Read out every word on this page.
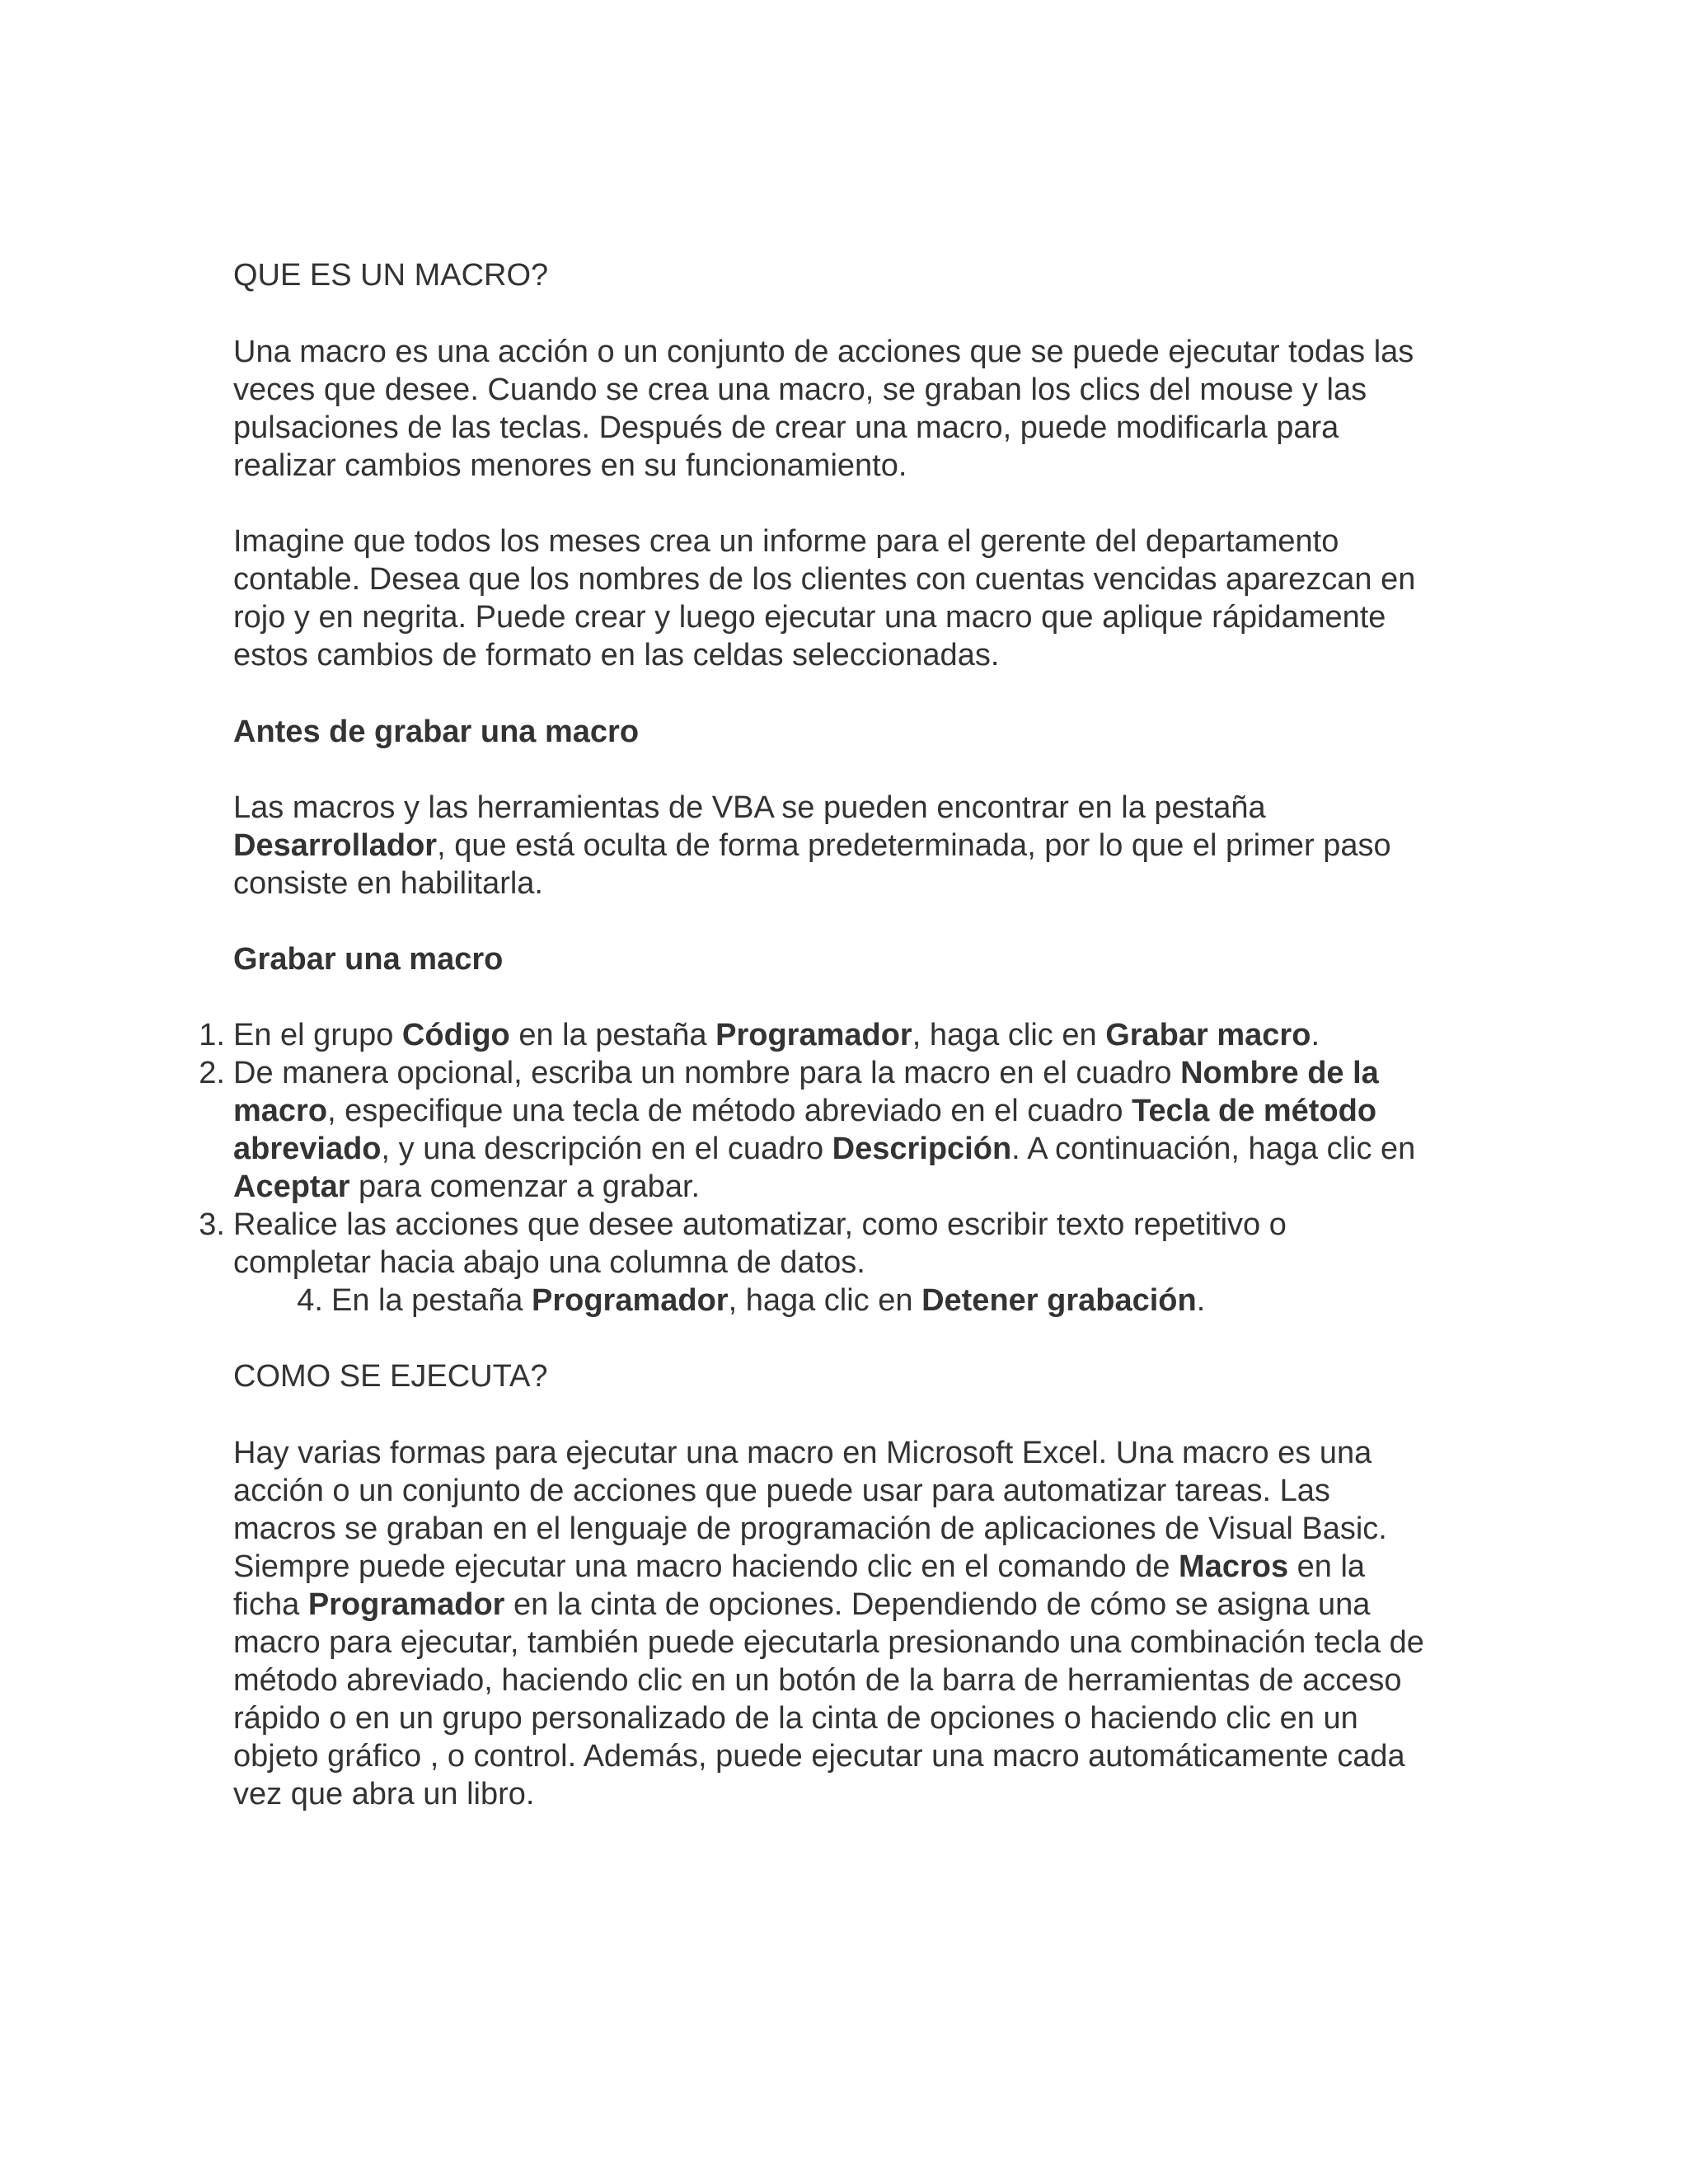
QUE ES UN MACRO?

Una macro es una acción o un conjunto de acciones que se puede ejecutar todas las veces que desee. Cuando se crea una macro, se graban los clics del mouse y las pulsaciones de las teclas. Después de crear una macro, puede modificarla para realizar cambios menores en su funcionamiento.

Imagine que todos los meses crea un informe para el gerente del departamento contable. Desea que los nombres de los clientes con cuentas vencidas aparezcan en rojo y en negrita. Puede crear y luego ejecutar una macro que aplique rápidamente estos cambios de formato en las celdas seleccionadas.

Antes de grabar una macro

Las macros y las herramientas de VBA se pueden encontrar en la pestaña Desarrollador, que está oculta de forma predeterminada, por lo que el primer paso consiste en habilitarla.

Grabar una macro
1. En el grupo Código en la pestaña Programador, haga clic en Grabar macro.

2. De manera opcional, escriba un nombre para la macro en el cuadro Nombre de la macro, especifique una tecla de método abreviado en el cuadro Tecla de método abreviado, y una descripción en el cuadro Descripción. A continuación, haga clic en Aceptar para comenzar a grabar.

3. Realice las acciones que desee automatizar, como escribir texto repetitivo o completar hacia abajo una columna de datos.

4. En la pestaña Programador, haga clic en Detener grabación.

COMO SE EJECUTA?

Hay varias formas para ejecutar una macro en Microsoft Excel. Una macro es una acción o un conjunto de acciones que puede usar para automatizar tareas. Las macros se graban en el lenguaje de programación de aplicaciones de Visual Basic. Siempre puede ejecutar una macro haciendo clic en el comando de Macros en la ficha Programador en la cinta de opciones. Dependiendo de cómo se asigna una macro para ejecutar, también puede ejecutarla presionando una combinación tecla de método abreviado, haciendo clic en un botón de la barra de herramientas de acceso rápido o en un grupo personalizado de la cinta de opciones o haciendo clic en un objeto gráfico , o control. Además, puede ejecutar una macro automáticamente cada vez que abra un libro.
